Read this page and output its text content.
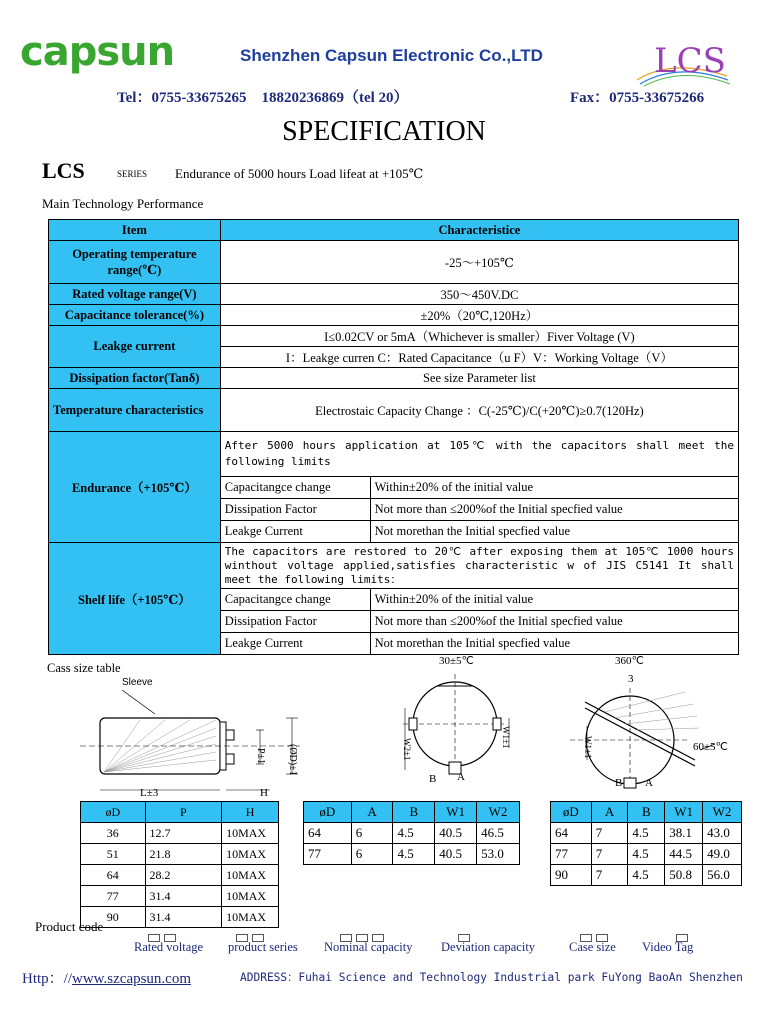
capsun	Shenzhen Capsun Electronic Co.,LTD	LCS
Tel：0755-33675265　18820236869（tel 20）	Fax：0755-33675266
SPECIFICATION
LCS	SERIES Endurance of 5000 hours Load lifeat at +105℃
Main Technology Performance
Item	Characteristice	
Operating temperature range(℃)	-25～+105℃	
Rated voltage range(V)	350～450V.DC	
Capacitance tolerance(%)	±20%（20℃,120Hz）	
Leakge current	I≤0.02CV or 5mA（Whichever is smaller）Fiver Voltage (V)	
	I：Leakge curren C：Rated Capacitance（u F）V：Working Voltage（V）	
Dissipation factor(Tanδ)	See size Parameter list	
Temperature characteristics	Electrostaic Capacity Change ：C(-25℃)/C(+20℃)≥0.7(120Hz)	
Endurance（+105℃）	After 5000 hours application at 105℃ with the capacitors shall meet the following limits	
	Capacitangce change	Within±20% of the initial value
	Dissipation Factor	Not more than ≤200%of the Initial specfied value
	Leakge Current	Not morethan the Initial specfied value
Shelf life（+105℃）	The capacitors are restored to 20℃ after exposing them at 105℃ 1000 hours winthout voltage applied,satisfies characteristic w of JIS C5141 It shall meet the following limits：	
	Capacitangce change	Within±20% of the initial value
	Dissipation Factor	Not more than ≤200%of the Initial specfied value
	Leakge Current	Not morethan the Initial specfied value
Cass size table
Sleeve
P±1 (ØD)±1
L±3	H
30±5℃
W2±1
W1±1
B A
360℃
3
W1±1	60±5℃
B A
øD	P	H
36	12.7	10MAX
51	21.8	10MAX
64	28.2	10MAX
77	31.4	10MAX
90	31.4	10MAX
øD	A	B	W1	W2
64	6	4.5	40.5	46.5
77	6	4.5	40.5	53.0
øD	A	B	W1	W2
64	7	4.5	38.1	43.0
77	7	4.5	44.5	49.0
90	7	4.5	50.8	56.0
Product code
Rated voltage product series Nominal capacity Deviation capacity	Case size Video Tag
Http：//www.szcapsun.com	ADDRESS：Fuhai Science and Technology Industrial park FuYong BaoAn Shenzhen
